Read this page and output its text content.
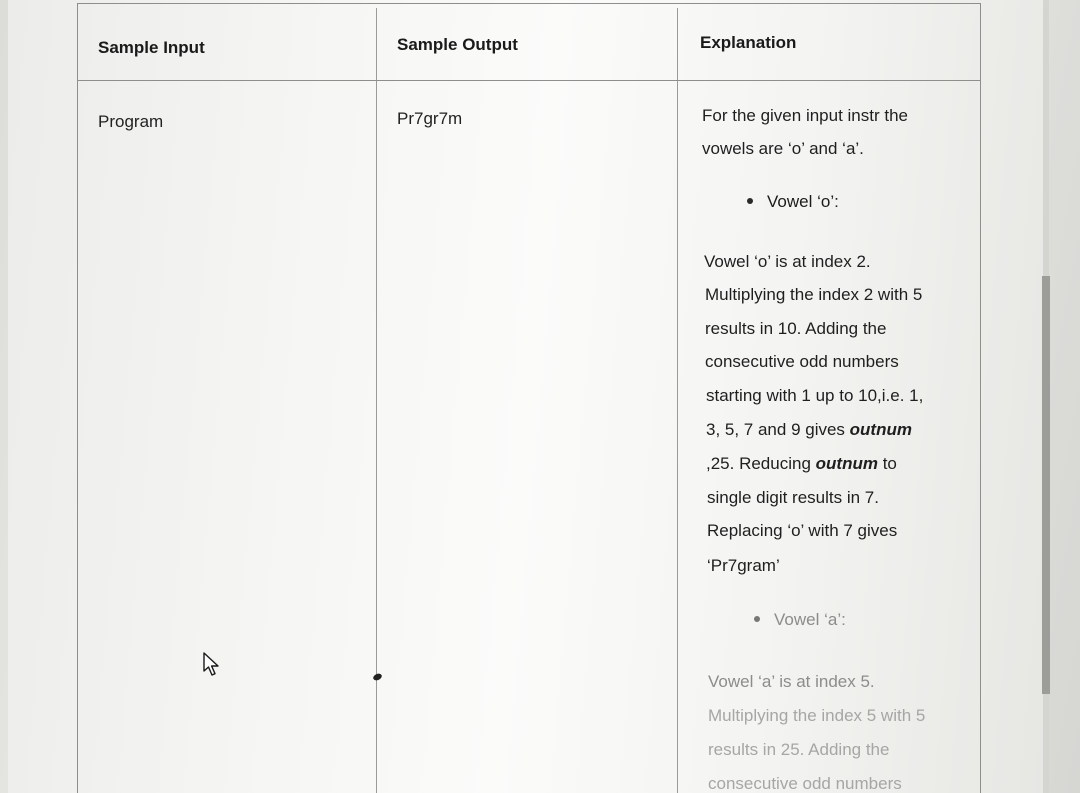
Sample Input	Sample Output	Explanation
Program	Pr7gr7m	For the given input instr the
vowels are ‘o’ and ‘a’.
Vowel ‘o’:
Vowel ‘o’ is at index 2.
Multiplying the index 2 with 5
results in 10. Adding the
consecutive odd numbers
starting with 1 up to 10,i.e. 1,
3, 5, 7 and 9 gives outnum
,25. Reducing outnum to
single digit results in 7.
Replacing ‘o’ with 7 gives
‘Pr7gram’
Vowel ‘a’:
Vowel ‘a’ is at index 5.
Multiplying the index 5 with 5
results in 25. Adding the
consecutive odd numbers
